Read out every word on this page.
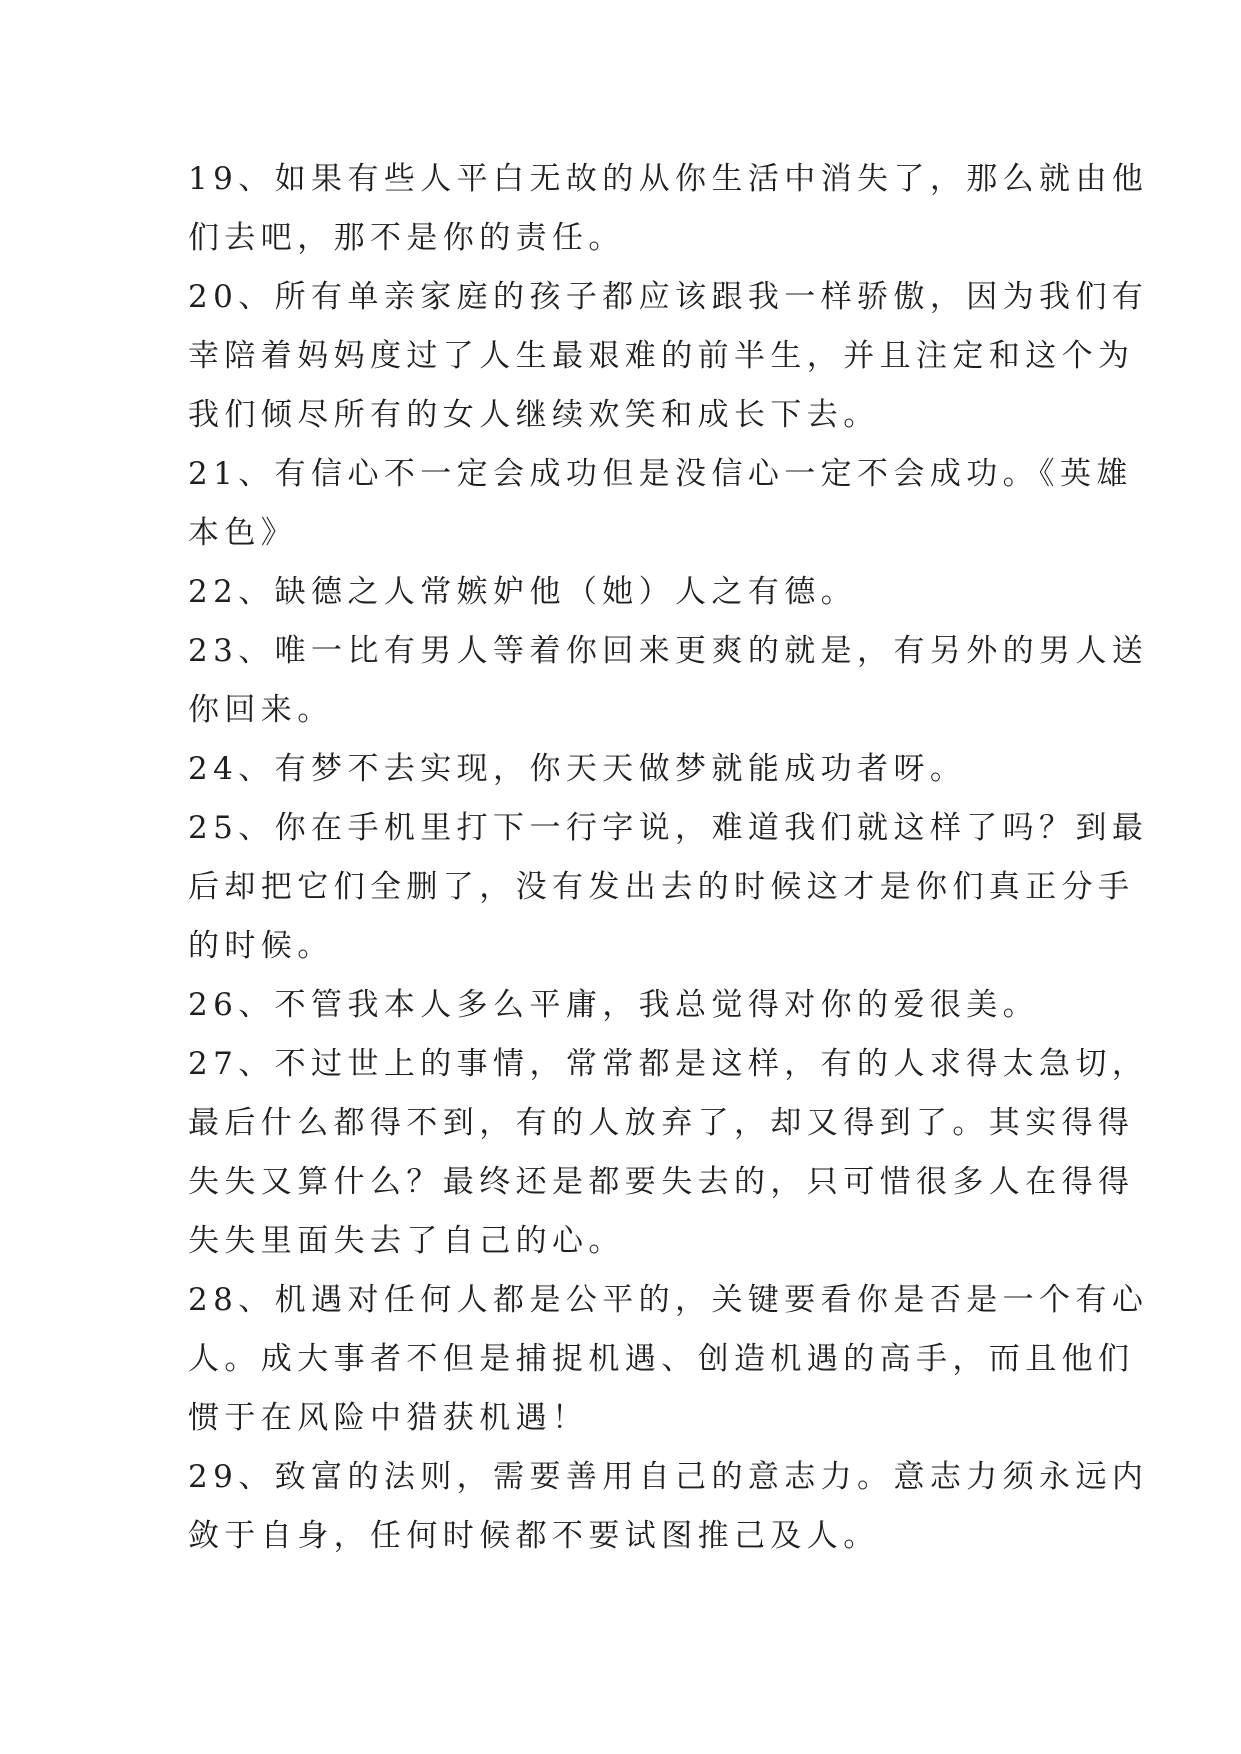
19、如果有些人平白无故的从你生活中消失了，那么就由他
们去吧，那不是你的责任。
20、所有单亲家庭的孩子都应该跟我一样骄傲，因为我们有
幸陪着妈妈度过了人生最艰难的前半生，并且注定和这个为
我们倾尽所有的女人继续欢笑和成长下去。
21、有信心不一定会成功但是没信心一定不会成功。《英雄
本色》
22、缺德之人常嫉妒他（她）人之有德。
23、唯一比有男人等着你回来更爽的就是，有另外的男人送
你回来。
24、有梦不去实现，你天天做梦就能成功者呀。
25、你在手机里打下一行字说，难道我们就这样了吗？到最
后却把它们全删了，没有发出去的时候这才是你们真正分手
的时候。
26、不管我本人多么平庸，我总觉得对你的爱很美。
27、不过世上的事情，常常都是这样，有的人求得太急切，
最后什么都得不到，有的人放弃了，却又得到了。其实得得
失失又算什么？最终还是都要失去的，只可惜很多人在得得
失失里面失去了自己的心。
28、机遇对任何人都是公平的，关键要看你是否是一个有心
人。成大事者不但是捕捉机遇、创造机遇的高手，而且他们
惯于在风险中猎获机遇！
29、致富的法则，需要善用自己的意志力。意志力须永远内
敛于自身，任何时候都不要试图推己及人。
